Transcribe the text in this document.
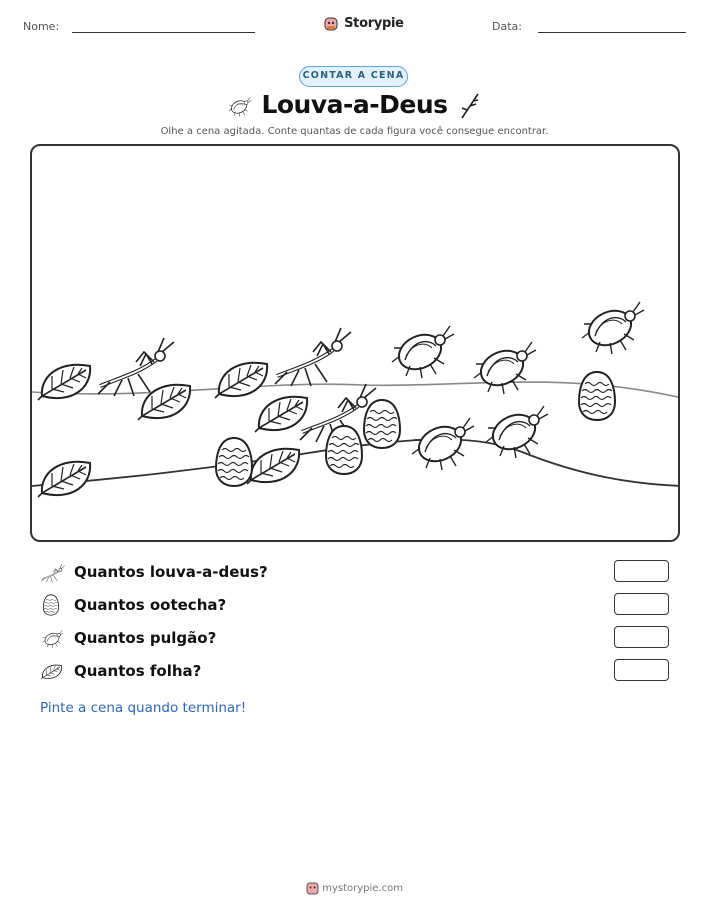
Nome:	Data:
Storypie
CONTAR A CENA
Louva-a-Deus
Olhe a cena agitada. Conte quantas de cada figura você consegue encontrar.
Quantos louva-a-deus?
Quantos ootecha?
Quantos pulgão?
Quantos folha?
Pinte a cena quando terminar!
mystorypie.com
